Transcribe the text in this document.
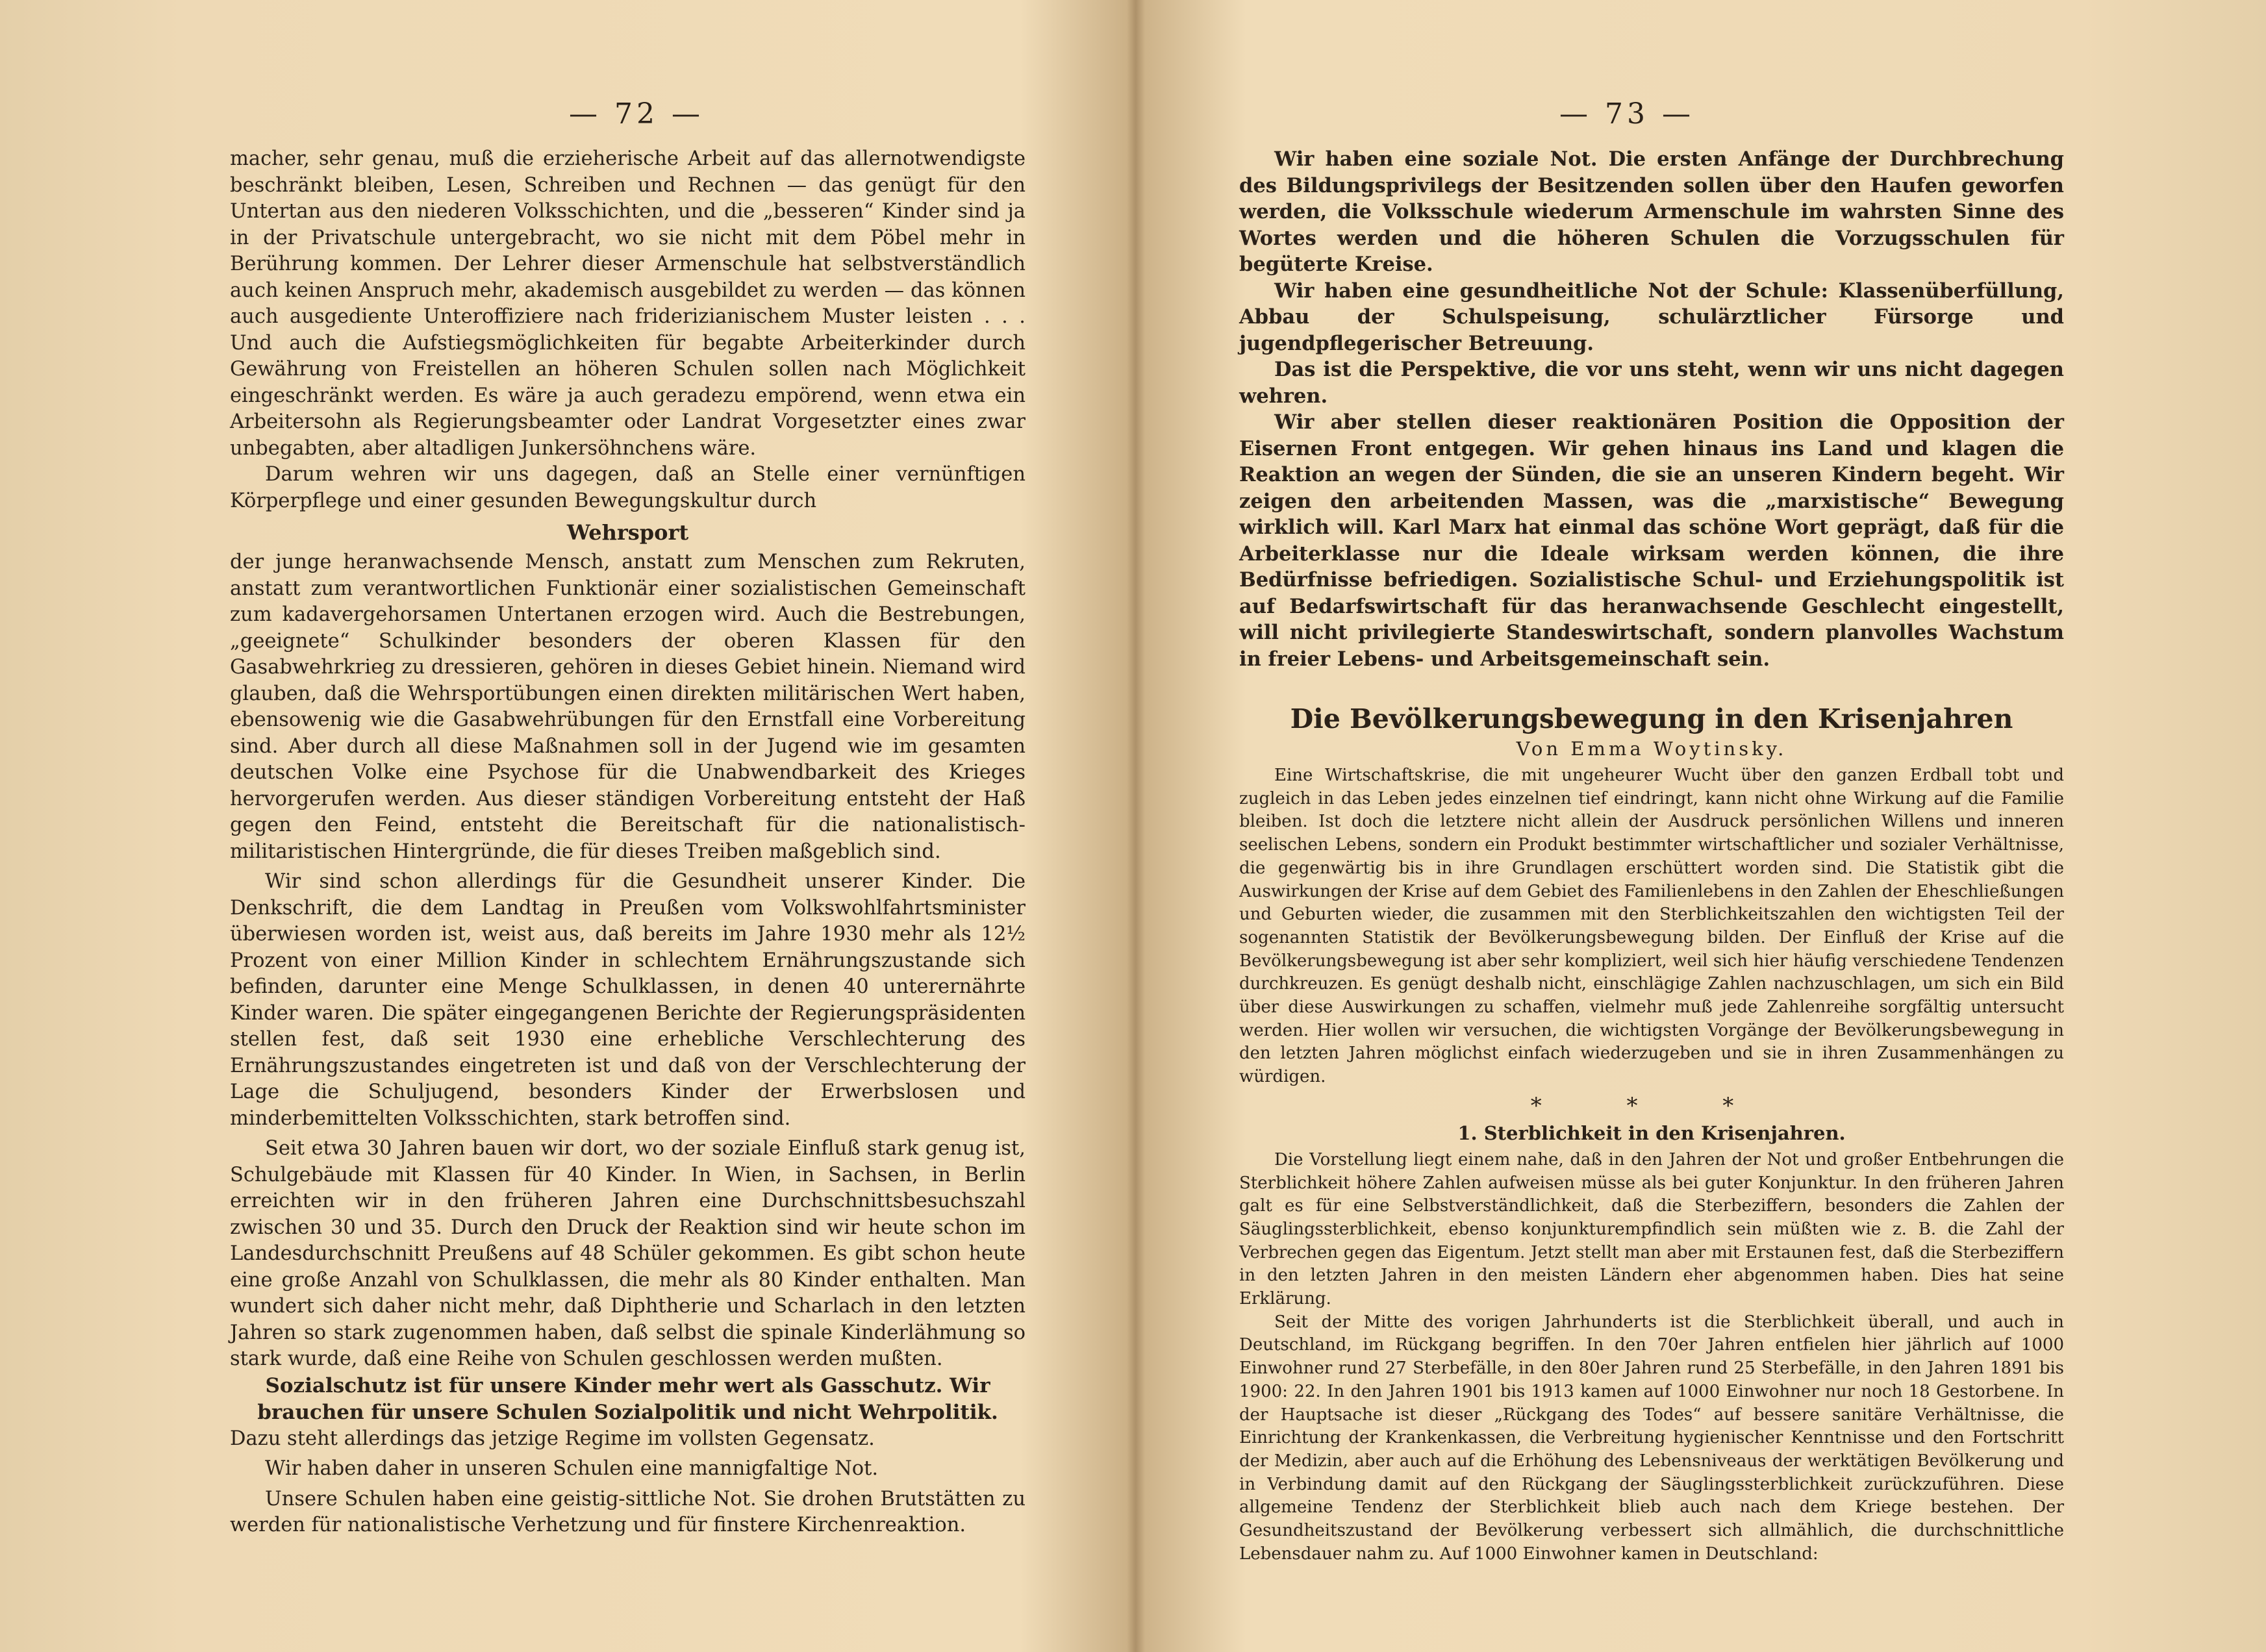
— 72 —

macher, sehr genau, muß die erzieherische Arbeit auf das allernotwendigste beschränkt bleiben, Lesen, Schreiben und Rechnen — das genügt für den Untertan aus den niederen Volksschichten, und die „besseren“ Kinder sind ja in der Privatschule untergebracht, wo sie nicht mit dem Pöbel mehr in Berührung kommen. Der Lehrer dieser Armenschule hat selbstverständlich auch keinen Anspruch mehr, akademisch ausgebildet zu werden — das können auch ausgediente Unteroffiziere nach friderizianischem Muster leisten . . . Und auch die Aufstiegsmöglichkeiten für begabte Arbeiterkinder durch Gewährung von Freistellen an höheren Schulen sollen nach Möglichkeit eingeschränkt werden. Es wäre ja auch geradezu empörend, wenn etwa ein Arbeitersohn als Regierungsbeamter oder Landrat Vorgesetzter eines zwar unbegabten, aber altadligen Junkersöhnchens wäre.

Darum wehren wir uns dagegen, daß an Stelle einer vernünftigen Körperpflege und einer gesunden Bewegungskultur durch

Wehrsport

der junge heranwachsende Mensch, anstatt zum Menschen zum Rekruten, anstatt zum verantwortlichen Funktionär einer sozialistischen Gemeinschaft zum kadavergehorsamen Untertanen erzogen wird. Auch die Bestrebungen, „geeignete“ Schulkinder besonders der oberen Klassen für den Gasabwehrkrieg zu dressieren, gehören in dieses Gebiet hinein. Niemand wird glauben, daß die Wehrsportübungen einen direkten militärischen Wert haben, ebensowenig wie die Gasabwehrübungen für den Ernstfall eine Vorbereitung sind. Aber durch all diese Maßnahmen soll in der Jugend wie im gesamten deutschen Volke eine Psychose für die Unabwendbarkeit des Krieges hervorgerufen werden. Aus dieser ständigen Vorbereitung entsteht der Haß gegen den Feind, entsteht die Bereitschaft für die nationalistisch-militaristischen Hintergründe, die für dieses Treiben maßgeblich sind.

Wir sind schon allerdings für die Gesundheit unserer Kinder. Die Denkschrift, die dem Landtag in Preußen vom Volkswohlfahrtsminister überwiesen worden ist, weist aus, daß bereits im Jahre 1930 mehr als 12½ Prozent von einer Million Kinder in schlechtem Ernährungszustande sich befinden, darunter eine Menge Schulklassen, in denen 40 unterernährte Kinder waren. Die später eingegangenen Berichte der Regierungspräsidenten stellen fest, daß seit 1930 eine erhebliche Verschlechterung des Ernährungszustandes eingetreten ist und daß von der Verschlechterung der Lage die Schuljugend, besonders Kinder der Erwerbslosen und minderbemittelten Volksschichten, stark betroffen sind.

Seit etwa 30 Jahren bauen wir dort, wo der soziale Einfluß stark genug ist, Schulgebäude mit Klassen für 40 Kinder. In Wien, in Sachsen, in Berlin erreichten wir in den früheren Jahren eine Durchschnittsbesuchszahl zwischen 30 und 35. Durch den Druck der Reaktion sind wir heute schon im Landesdurchschnitt Preußens auf 48 Schüler gekommen. Es gibt schon heute eine große Anzahl von Schulklassen, die mehr als 80 Kinder enthalten. Man wundert sich daher nicht mehr, daß Diphtherie und Scharlach in den letzten Jahren so stark zugenommen haben, daß selbst die spinale Kinderlähmung so stark wurde, daß eine Reihe von Schulen geschlossen werden mußten.

Sozialschutz ist für unsere Kinder mehr wert als Gasschutz. Wir brauchen für unsere Schulen Sozialpolitik und nicht Wehrpolitik.

Dazu steht allerdings das jetzige Regime im vollsten Gegensatz.

Wir haben daher in unseren Schulen eine mannigfaltige Not.

Unsere Schulen haben eine geistig-sittliche Not. Sie drohen Brutstätten zu werden für nationalistische Verhetzung und für finstere Kirchenreaktion.

— 73 —

Wir haben eine soziale Not. Die ersten Anfänge der Durchbrechung des Bildungsprivilegs der Besitzenden sollen über den Haufen geworfen werden, die Volksschule wiederum Armenschule im wahrsten Sinne des Wortes werden und die höheren Schulen die Vorzugsschulen für begüterte Kreise.

Wir haben eine gesundheitliche Not der Schule: Klassenüberfüllung, Abbau der Schulspeisung, schulärztlicher Fürsorge und jugendpflegerischer Betreuung.

Das ist die Perspektive, die vor uns steht, wenn wir uns nicht dagegen wehren.

Wir aber stellen dieser reaktionären Position die Opposition der Eisernen Front entgegen. Wir gehen hinaus ins Land und klagen die Reaktion an wegen der Sünden, die sie an unseren Kindern begeht. Wir zeigen den arbeitenden Massen, was die „marxistische“ Bewegung wirklich will. Karl Marx hat einmal das schöne Wort geprägt, daß für die Arbeiterklasse nur die Ideale wirksam werden können, die ihre Bedürfnisse befriedigen. Sozialistische Schul- und Erziehungspolitik ist auf Bedarfswirtschaft für das heranwachsende Geschlecht eingestellt, will nicht privilegierte Standeswirtschaft, sondern planvolles Wachstum in freier Lebens- und Arbeitsgemeinschaft sein.

Die Bevölkerungsbewegung in den Krisenjahren
Von Emma Woytinsky.

Eine Wirtschaftskrise, die mit ungeheurer Wucht über den ganzen Erdball tobt und zugleich in das Leben jedes einzelnen tief eindringt, kann nicht ohne Wirkung auf die Familie bleiben. Ist doch die letztere nicht allein der Ausdruck persönlichen Willens und inneren seelischen Lebens, sondern ein Produkt bestimmter wirtschaftlicher und sozialer Verhältnisse, die gegenwärtig bis in ihre Grundlagen erschüttert worden sind. Die Statistik gibt die Auswirkungen der Krise auf dem Gebiet des Familienlebens in den Zahlen der Eheschließungen und Geburten wieder, die zusammen mit den Sterblichkeitszahlen den wichtigsten Teil der sogenannten Statistik der Bevölkerungsbewegung bilden. Der Einfluß der Krise auf die Bevölkerungsbewegung ist aber sehr kompliziert, weil sich hier häufig verschiedene Tendenzen durchkreuzen. Es genügt deshalb nicht, einschlägige Zahlen nachzuschlagen, um sich ein Bild über diese Auswirkungen zu schaffen, vielmehr muß jede Zahlenreihe sorgfältig untersucht werden. Hier wollen wir versuchen, die wichtigsten Vorgänge der Bevölkerungsbewegung in den letzten Jahren möglichst einfach wiederzugeben und sie in ihren Zusammenhängen zu würdigen.

* * *
1. Sterblichkeit in den Krisenjahren.

Die Vorstellung liegt einem nahe, daß in den Jahren der Not und großer Entbehrungen die Sterblichkeit höhere Zahlen aufweisen müsse als bei guter Konjunktur. In den früheren Jahren galt es für eine Selbstverständlichkeit, daß die Sterbeziffern, besonders die Zahlen der Säuglingssterblichkeit, ebenso konjunkturempfindlich sein müßten wie z. B. die Zahl der Verbrechen gegen das Eigentum. Jetzt stellt man aber mit Erstaunen fest, daß die Sterbeziffern in den letzten Jahren in den meisten Ländern eher abgenommen haben. Dies hat seine Erklärung.

Seit der Mitte des vorigen Jahrhunderts ist die Sterblichkeit überall, und auch in Deutschland, im Rückgang begriffen. In den 70er Jahren entfielen hier jährlich auf 1000 Einwohner rund 27 Sterbefälle, in den 80er Jahren rund 25 Sterbefälle, in den Jahren 1891 bis 1900: 22. In den Jahren 1901 bis 1913 kamen auf 1000 Einwohner nur noch 18 Gestorbene. In der Hauptsache ist dieser „Rückgang des Todes“ auf bessere sanitäre Verhältnisse, die Einrichtung der Krankenkassen, die Verbreitung hygienischer Kenntnisse und den Fortschritt der Medizin, aber auch auf die Erhöhung des Lebensniveaus der werktätigen Bevölkerung und in Verbindung damit auf den Rückgang der Säuglingssterblichkeit zurückzuführen. Diese allgemeine Tendenz der Sterblichkeit blieb auch nach dem Kriege bestehen. Der Gesundheitszustand der Bevölkerung verbessert sich allmählich, die durchschnittliche Lebensdauer nahm zu. Auf 1000 Einwohner kamen in Deutschland:
